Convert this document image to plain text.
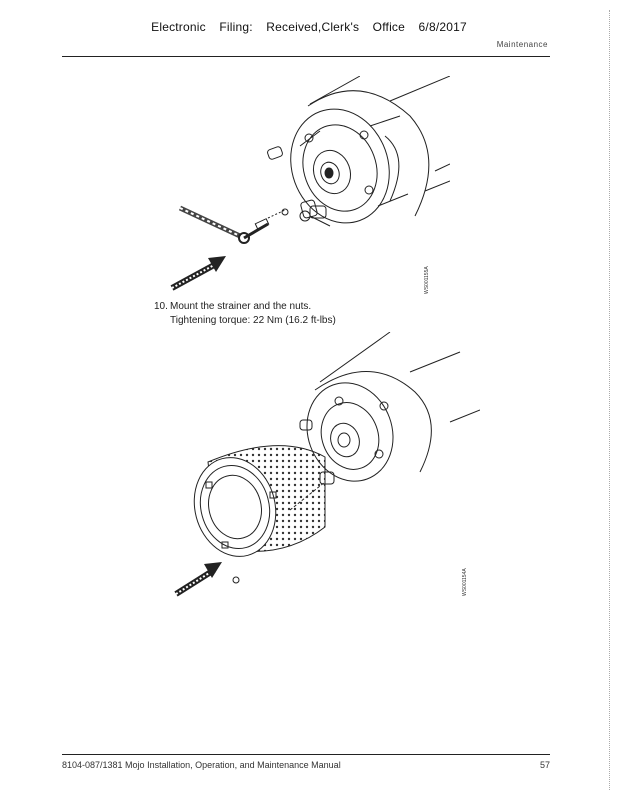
Electronic Filing: Received,Clerk's Office 6/8/2017
Maintenance
WS001155A
10. Mount the strainer and the nuts.
Tightening torque: 22 Nm (16.2 ft-lbs)
WS001154A
8104-087/1381 Mojo Installation, Operation, and Maintenance Manual	57
